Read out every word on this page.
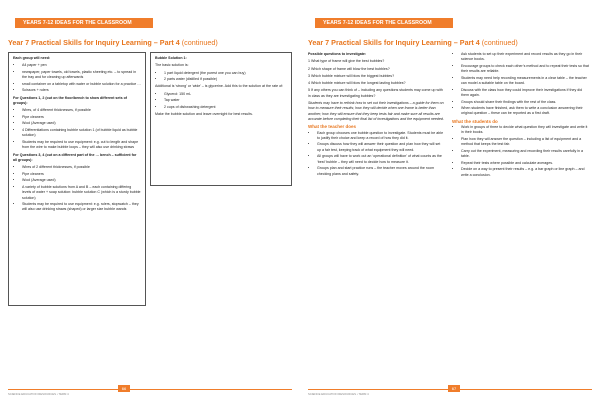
YEARS 7-12 IDEAS FOR THE CLASSROOM
Year 7 Practical Skills for Inquiry Learning – Part 4 (continued)

Each group will need:

• A4 paper + pen
• newspaper, paper towels, old towels, plastic sheeting etc. – to spread in the tray and for cleaning up afterwards
• small container on a tabletop with water or bubble solution for a practice …
• Scissors + rulers

For Questions 1, 2 (out on the floor/bench to show different sets of groups):

• Wires, of 4 different thicknesses, if possible
• Pipe cleaners
• Wool (Average used)
• 4 Differentiations containing bubble solution 1 (of bubble liquid as bubble solution)
• Students may be required to use equipment: e.g. cut to length and shape from the wire to make bubble loops – they will also use drinking straws

For Questions 3, 4 (out on a different part of the … bench – sufficient for all groups):

• Wires of 2 different thicknesses, if possible
• Pipe cleaners
• Wool (Average used)
• A variety of bubble solutions from A and B – each containing differing levels of water + soap solution: bubble solution C (which is a sturdy bubble solution)
• Students may be required to use equipment: e.g. rulers, stopwatch – they will also use drinking straws (shaped) or larger size bubble wands

Bubble Solution 1:

The basic solution is:

• 1 part liquid detergent (the purest one you can buy)
• 2 parts water (distilled if possible)

Additional is ‘strong’ or ‘wide’ – is glycerine. Add this to the solution at the rate of:

• Glycerol: 150 mL
• Tap water
• 2 cups of dishwashing detergent

Make the bubble solution and leave overnight for best results.

66
SCIENCE EDUCATION RESOURCES • TERM 4
YEARS 7-12 IDEAS FOR THE CLASSROOM
Year 7 Practical Skills for Inquiry Learning – Part 4 (continued)

Possible questions to investigate:

1 What type of frame will give the best bubbles?

2 Which shape of frame will blow the best bubbles?

3 Which bubble mixture will blow the biggest bubbles?

4 Which bubble mixture will blow the longest lasting bubbles?

5 If any others you can think of – including any questions students may come up with in class as they are investigating bubbles?

Students may have to rethink how to set out their investigations – a guide for them on how to measure their results; how they will decide when one frame is better than another; how they will ensure that they keep tests fair and make sure all results are accurate before completing their final list of investigations and the equipment needed.

What the teacher does
• Each group chooses one bubble question to investigate. Students must be able to justify their choice and keep a record of how they did it.
• Groups discuss how they will answer their question and plan how they will set up a fair test, keeping track of what equipment they will need.
• All groups will have to work out an ‘operational definition’ of what counts as the ‘best’ bubble – they will need to decide how to measure it.
• Groups plan and start practice runs – the teacher moves around the room checking plans and safety.
• Ask students to set up their experiment and record results as they go in their science books.
• Encourage groups to check each other’s method and to repeat their tests so that their results are reliable.
• Students may need help recording measurements in a clear table – the teacher can model a suitable table on the board.
• Discuss with the class how they could improve their investigations if they did them again.
• Groups should share their findings with the rest of the class.
• When students have finished, ask them to write a conclusion answering their original question – these can be reported as a first draft.
What the students do
• Work in groups of three to decide what question they will investigate and write it in their books.
• Plan how they will answer the question – including a list of equipment and a method that keeps the test fair.
• Carry out the experiment, measuring and recording their results carefully in a table.
• Repeat their tests where possible and calculate averages.
• Decide on a way to present their results – e.g. a bar graph or line graph – and write a conclusion.
67
SCIENCE EDUCATION RESOURCES • TERM 4
